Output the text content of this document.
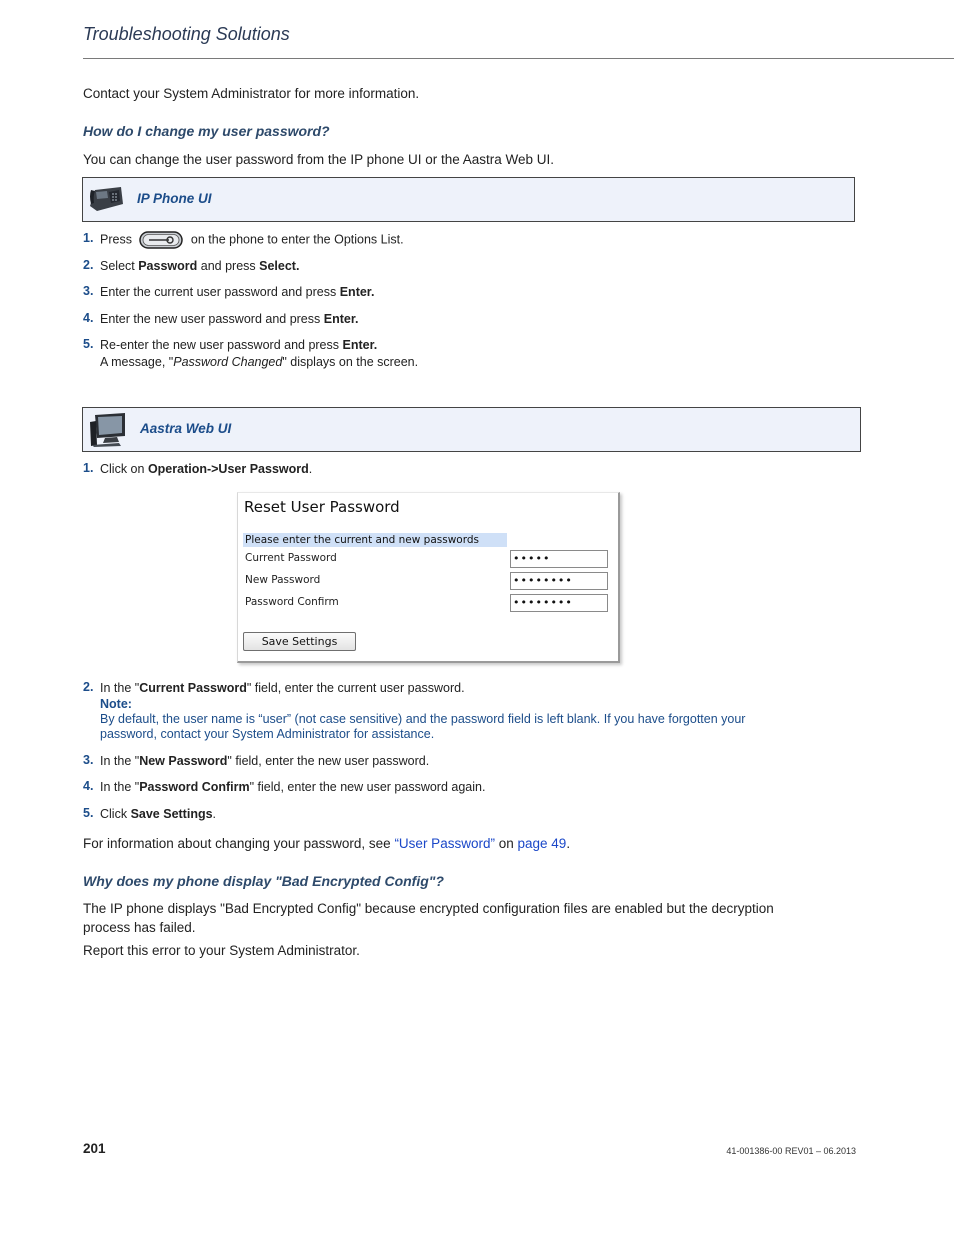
Troubleshooting Solutions
Contact your System Administrator for more information.
How do I change my user password?
You can change the user password from the IP phone UI or the Aastra Web UI.
IP Phone UI
1. Press	on the phone to enter the Options List.
2. Select Password and press Select.
3. Enter the current user password and press Enter.
4. Enter the new user password and press Enter.
5. Re-enter the new user password and press Enter.
A message, "Password Changed" displays on the screen.
Aastra Web UI
1. Click on Operation->User Password.
Reset User Password
Please enter the current and new passwords
Current Password	•••••
New Password	••••••••
Password Confirm	••••••••
Save Settings
2. In the "Current Password" field, enter the current user password.
Note:
By default, the user name is “user” (not case sensitive) and the password field is left blank. If you have forgotten your
password, contact your System Administrator for assistance.
3. In the "New Password" field, enter the new user password.
4. In the "Password Confirm" field, enter the new user password again.
5. Click Save Settings.
For information about changing your password, see “User Password” on page 49.
Why does my phone display "Bad Encrypted Config"?
The IP phone displays "Bad Encrypted Config" because encrypted configuration files are enabled but the decryption
process has failed.
Report this error to your System Administrator.
201	41-001386-00 REV01 – 06.2013
